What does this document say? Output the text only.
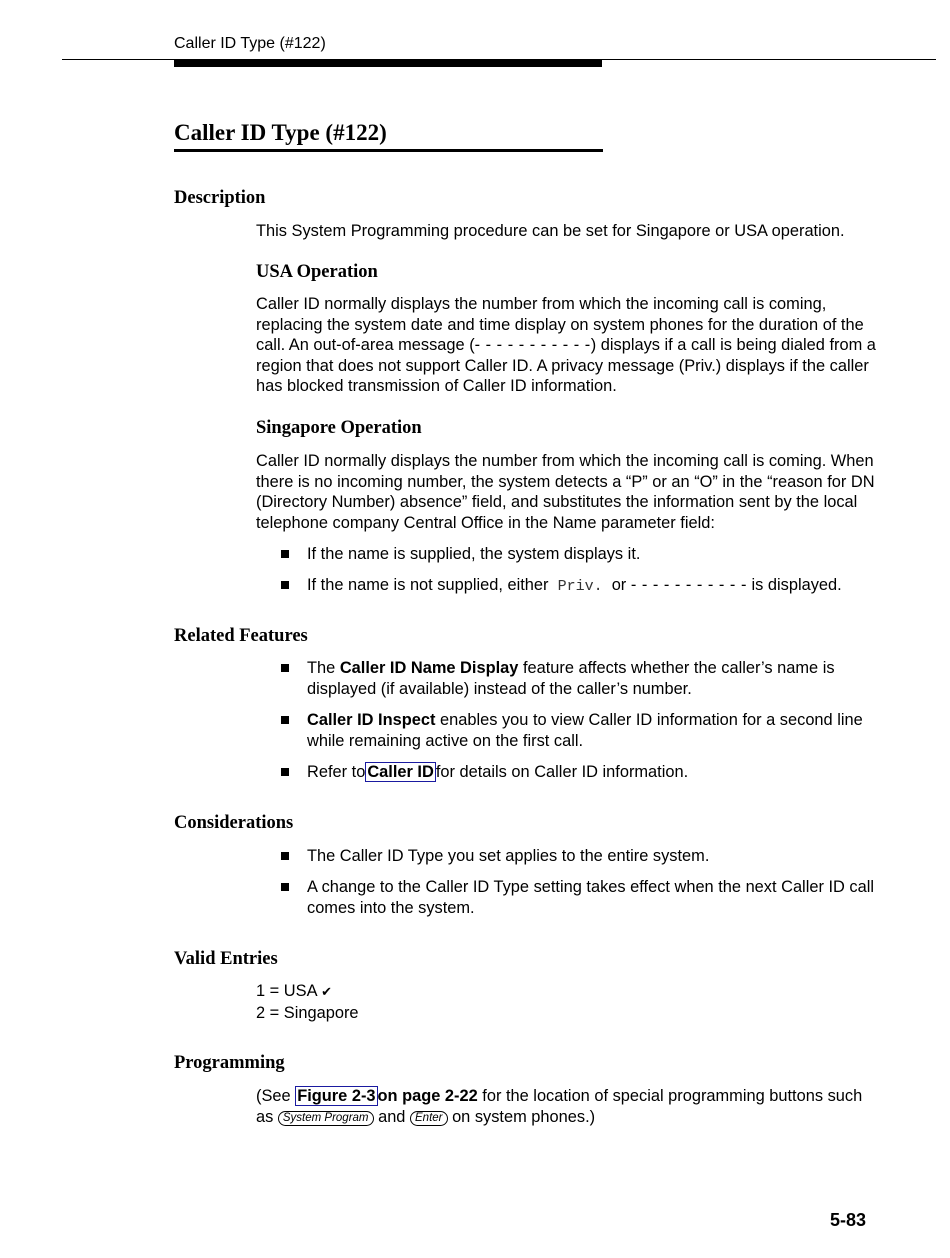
Caller ID Type (#122)
Caller ID Type (#122)
Description

This System Programming procedure can be set for Singapore or USA operation.

USA Operation

Caller ID normally displays the number from which the incoming call is coming, replacing the system date and time display on system phones for the duration of the call. An out-of-area message (- - - - - - - - - - -) displays if a call is being dialed from a region that does not support Caller ID. A privacy message (Priv.) displays if the caller has blocked transmission of Caller ID information.

Singapore Operation

Caller ID normally displays the number from which the incoming call is coming. When there is no incoming number, the system detects a “P” or an “O” in the “reason for DN (Directory Number) absence” field, and substitutes the information sent by the local telephone company Central Office in the Name parameter field:

If the name is supplied, the system displays it.
If the name is not supplied, either Priv. or - - - - - - - - - - - is displayed.
Related Features
The Caller ID Name Display feature affects whether the caller’s name is displayed (if available) instead of the caller’s number.
Caller ID Inspect enables you to view Caller ID information for a second line while remaining active on the first call.
Refer to Caller ID for details on Caller ID information.
Considerations
The Caller ID Type you set applies to the entire system.
A change to the Caller ID Type setting takes effect when the next Caller ID call comes into the system.
Valid Entries
1 = USA ✔
2 = Singapore
Programming

(See Figure 2-3 on page 2-22 for the location of special programming buttons such as System Program and Enter on system phones.)

5-83
